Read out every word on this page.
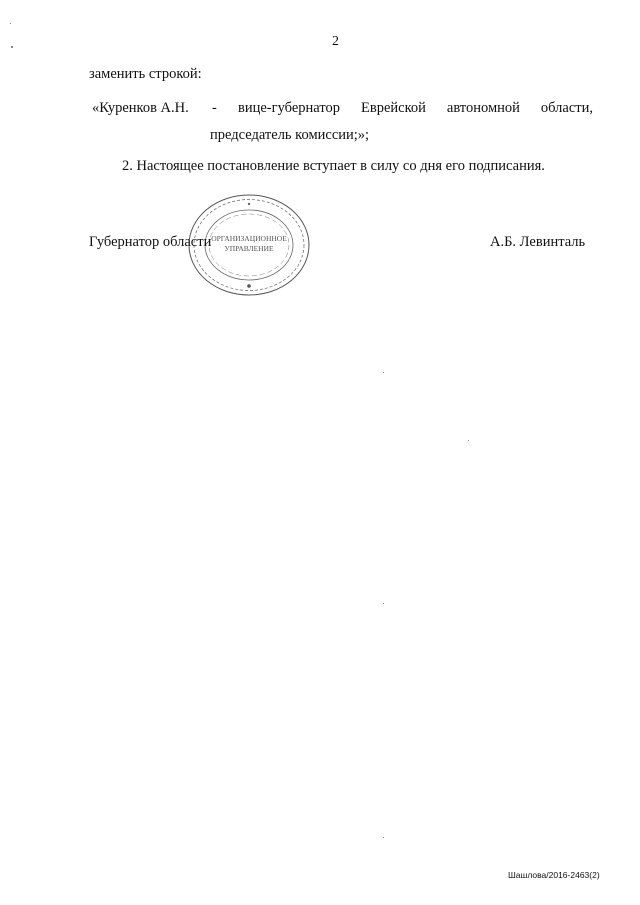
2
заменить строкой:
«Куренков А.Н. - вице-губернатор Еврейской автономной области,
председатель комиссии;»;
2. Настоящее постановление вступает в силу со дня его подписания.
ОРГАНИЗАЦИОННОЕ
УПРАВЛЕНИЕ
Губернатор области	А.Б. Левинталь
Шашлова/2016-2463(2)
